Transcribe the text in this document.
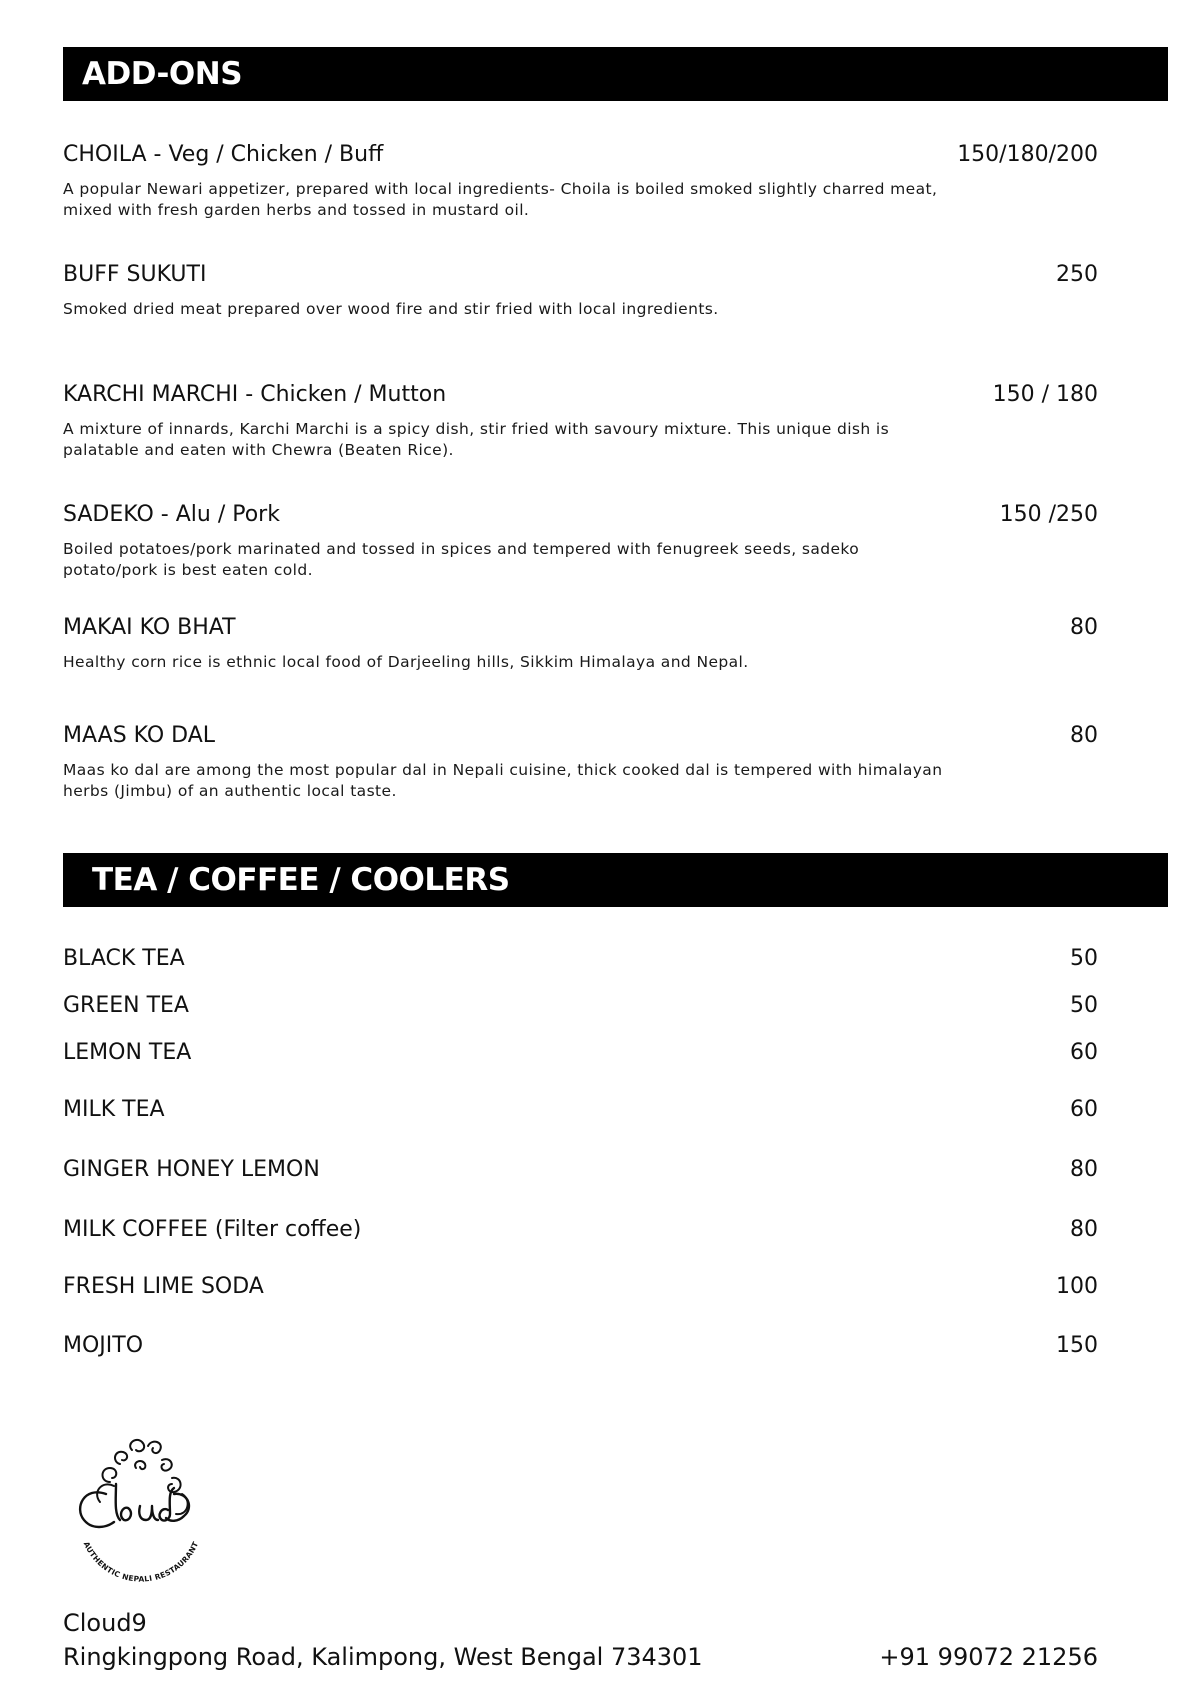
ADD-ONS
CHOILA - Veg / Chicken / Buff	150/180/200
A popular Newari appetizer, prepared with local ingredients- Choila is boiled smoked slightly charred meat, mixed with fresh garden herbs and tossed in mustard oil.
BUFF SUKUTI	250
Smoked dried meat prepared over wood fire and stir fried with local ingredients.
KARCHI MARCHI - Chicken / Mutton	150 / 180
A mixture of innards, Karchi Marchi is a spicy dish, stir fried with savoury mixture. This unique dish is palatable and eaten with Chewra (Beaten Rice).
SADEKO - Alu / Pork	150 /250
Boiled potatoes/pork marinated and tossed in spices and tempered with fenugreek seeds, sadeko potato/pork is best eaten cold.
MAKAI KO BHAT	80
Healthy corn rice is ethnic local food of Darjeeling hills, Sikkim Himalaya and Nepal.
MAAS KO DAL	80
Maas ko dal are among the most popular dal in Nepali cuisine, thick cooked dal is tempered with himalayan herbs (Jimbu) of an authentic local taste.
TEA / COFFEE / COOLERS
BLACK TEA	50
GREEN TEA	50
LEMON TEA	60
MILK TEA	60
GINGER HONEY LEMON	80
MILK COFFEE (Filter coffee)	80
FRESH LIME SODA	100
MOJITO	150
AUTHENTIC NEPALI RESTAURANT
Cloud9
Ringkingpong Road, Kalimpong, West Bengal 734301	+91 99072 21256
